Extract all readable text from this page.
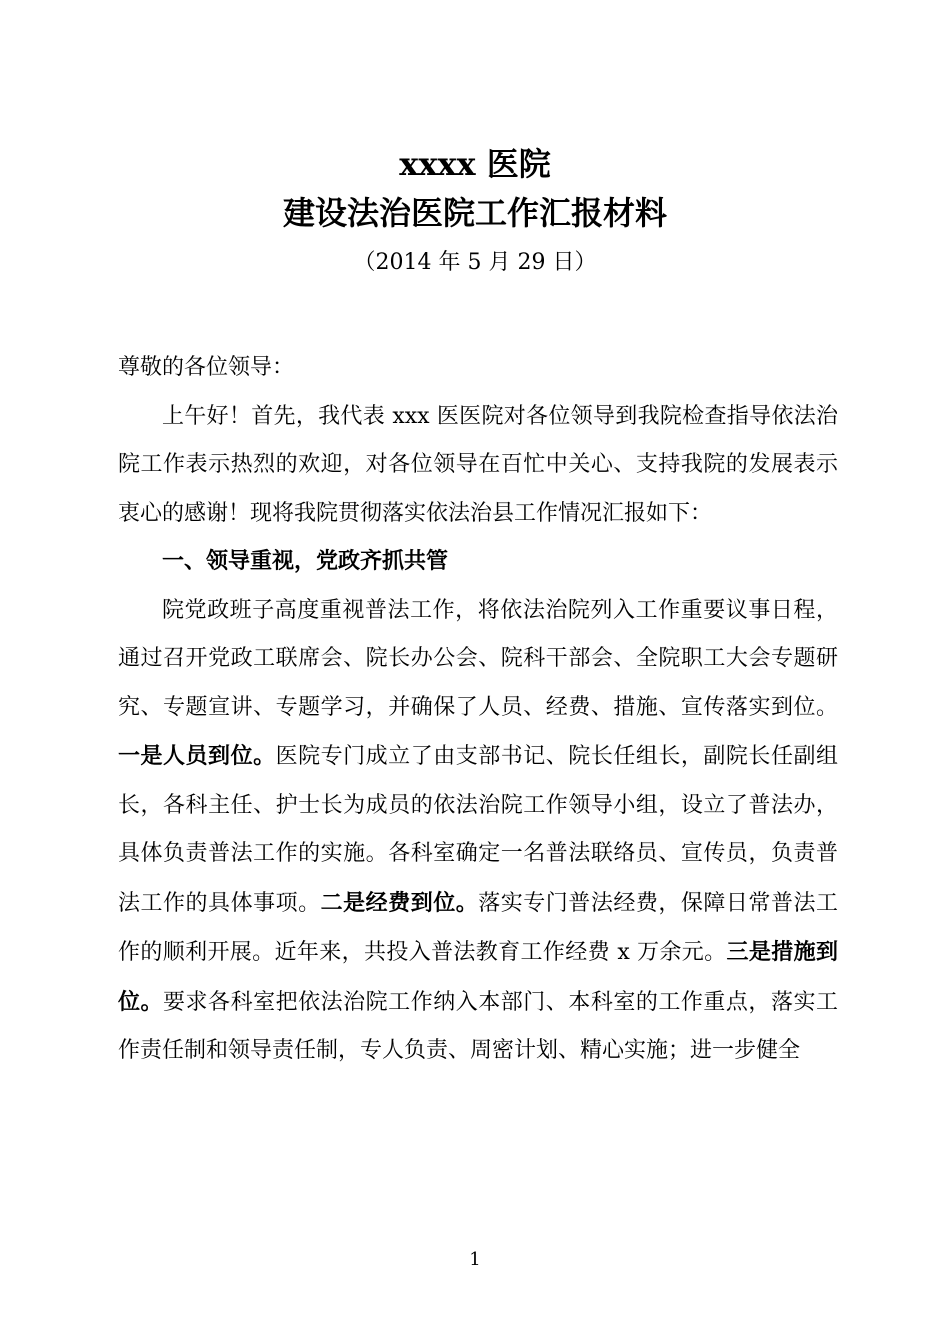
xxxx 医院
建设法治医院工作汇报材料
（2014 年 5 月 29 日）

尊敬的各位领导：

上午好！首先，我代表 xxx 医医院对各位领导到我院检查指导依法治院工作表示热烈的欢迎，对各位领导在百忙中关心、支持我院的发展表示衷心的感谢！现将我院贯彻落实依法治县工作情况汇报如下：

一、领导重视，党政齐抓共管

院党政班子高度重视普法工作，将依法治院列入工作重要议事日程，通过召开党政工联席会、院长办公会、院科干部会、全院职工大会专题研究、专题宣讲、专题学习，并确保了人员、经费、措施、宣传落实到位。一是人员到位。医院专门成立了由支部书记、院长任组长，副院长任副组长，各科主任、护士长为成员的依法治院工作领导小组，设立了普法办，具体负责普法工作的实施。各科室确定一名普法联络员、宣传员，负责普法工作的具体事项。二是经费到位。落实专门普法经费，保障日常普法工作的顺利开展。近年来，共投入普法教育工作经费 x 万余元。三是措施到位。要求各科室把依法治院工作纳入本部门、本科室的工作重点，落实工作责任制和领导责任制，专人负责、周密计划、精心实施；进一步健全

1
